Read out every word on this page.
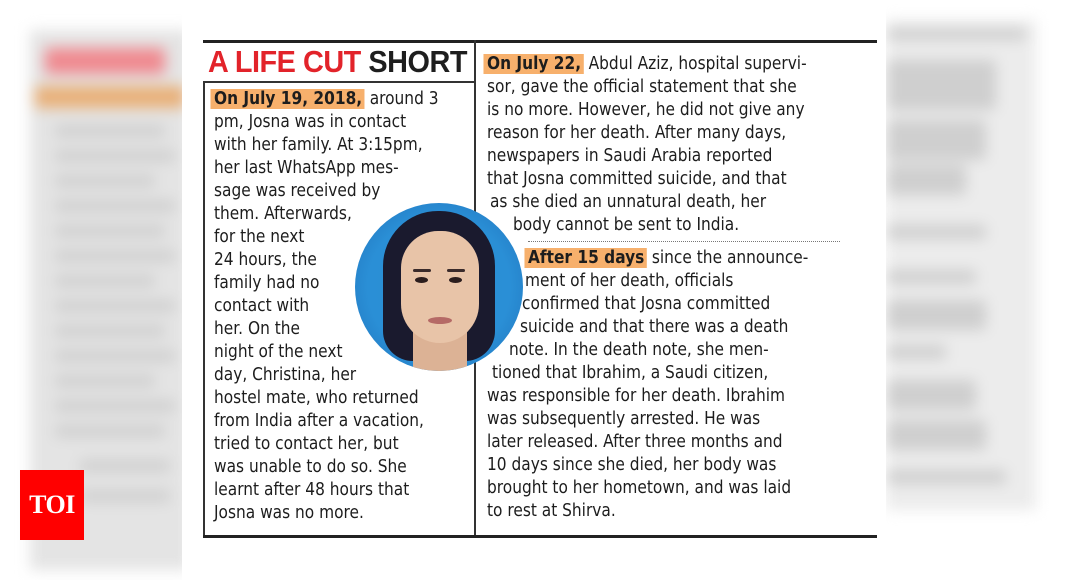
A LIFE CUT SHORT
On July 19, 2018, around 3
pm, Josna was in contact
with her family. At 3:15pm,
her last WhatsApp mes-
sage was received by
them. Afterwards,
for the next
24 hours, the
family had no
contact with
her. On the
night of the next
day, Christina, her
hostel mate, who returned
from India after a vacation,
tried to contact her, but
was unable to do so. She
learnt after 48 hours that
Josna was no more.
On July 22, Abdul Aziz, hospital supervi-
sor, gave the official statement that she
is no more. However, he did not give any
reason for her death. After many days,
newspapers in Saudi Arabia reported
that Josna committed suicide, and that
as she died an unnatural death, her
body cannot be sent to India.
After 15 days since the announce-
ment of her death, officials
confirmed that Josna committed
suicide and that there was a death
note. In the death note, she men-
tioned that Ibrahim, a Saudi citizen,
was responsible for her death. Ibrahim
was subsequently arrested. He was
later released. After three months and
10 days since she died, her body was
brought to her hometown, and was laid
to rest at Shirva.
TOI
